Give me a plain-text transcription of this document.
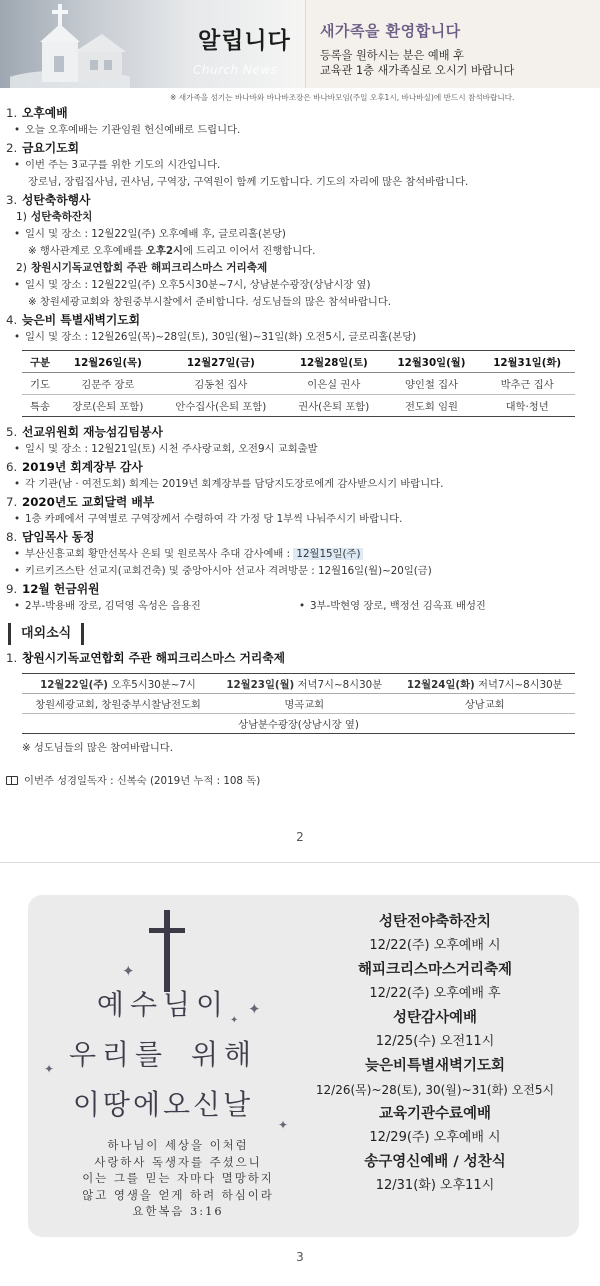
알립니다
Church News
새가족을 환영합니다
등록을 원하시는 분은 예배 후
교육관 1층 새가족실로 오시기 바랍니다
※ 새가족을 섬기는 바나바와 바나바조장은 바나바모임(주일 오후1시, 바나바실)에 반드시 참석바랍니다.
1. 오후예배
• 오늘 오후예배는 기관임원 헌신예배로 드립니다.
2. 금요기도회
• 이번 주는 3교구를 위한 기도의 시간입니다.
장로님, 장립집사님, 권사님, 구역장, 구역원이 함께 기도합니다. 기도의 자리에 많은 참석바랍니다.
3. 성탄축하행사
1) 성탄축하잔치
• 일시 및 장소 : 12월22일(주) 오후예배 후, 글로리홀(본당)
※ 행사관계로 오후예배를 오후2시에 드리고 이어서 진행합니다.
2) 창원시기독교연합회 주관 해피크리스마스 거리축제
• 일시 및 장소 : 12월22일(주) 오후5시30분~7시, 상남분수광장(상남시장 옆)
※ 창원세광교회와 창원중부시찰에서 준비합니다. 성도님들의 많은 참석바랍니다.
4. 늦은비 특별새벽기도회
• 일시 및 장소 : 12월26일(목)~28일(토), 30일(월)~31일(화) 오전5시, 글로리홀(본당)
구분	12월26일(목)	12월27일(금)	12월28일(토)	12월30일(월)	12월31일(화)
기도	김문주 장로	김동천 집사	이은실 권사	양인철 집사	박추근 집사
특송	장로(은퇴 포함)	안수집사(은퇴 포함)	권사(은퇴 포함)	전도회 임원	대학·청년
5. 선교위원회 재능섬김팀봉사
• 일시 및 장소 : 12월21일(토) 시천 주사랑교회, 오전9시 교회출발
6. 2019년 회계장부 감사
• 각 기관(남 · 여전도회) 회계는 2019년 회계장부를 담당지도장로에게 감사받으시기 바랍니다.
7. 2020년도 교회달력 배부
• 1층 카페에서 구역별로 구역장께서 수령하여 각 가정 당 1부씩 나눠주시기 바랍니다.
8. 담임목사 동정
• 부산신흥교회 황만선목사 은퇴 및 원로목사 추대 감사예배 : 12월15일(주)
• 키르키즈스탄 선교지(교회건축) 및 중앙아시아 선교사 격려방문 : 12월16일(월)~20일(금)
9. 12월 헌금위원
• 2부-박용배 장로, 김덕영 옥성은 음용진	• 3부-박현영 장로, 백정선 김옥표 배성진
대외소식
1. 창원시기독교연합회 주관 해피크리스마스 거리축제
12월22일(주) 오후5시30분~7시	12월23일(월) 저녁7시~8시30분	12월24일(화) 저녁7시~8시30분
창원세광교회, 창원중부시찰남전도회	명곡교회	상남교회
상남분수광장(상남시장 옆)		
※ 성도님들의 많은 참여바랍니다.
이번주 성경일독자 : 신복숙 (2019년 누적 : 108 독)
2
✦
✦
✦
✦
✦
예수님이
우리를 위해
이땅에오신날
하나님이 세상을 이처럼
사랑하사 독생자를 주셨으니
이는 그를 믿는 자마다 멸망하지
않고 영생을 얻게 하려 하심이라
요한복음 3:16
성탄전야축하잔치
12/22(주) 오후예배 시
해피크리스마스거리축제
12/22(주) 오후예배 후
성탄감사예배
12/25(수) 오전11시
늦은비특별새벽기도회
12/26(목)~28(토), 30(월)~31(화) 오전5시
교육기관수료예배
12/29(주) 오후예배 시
송구영신예배 / 성찬식
12/31(화) 오후11시
3
